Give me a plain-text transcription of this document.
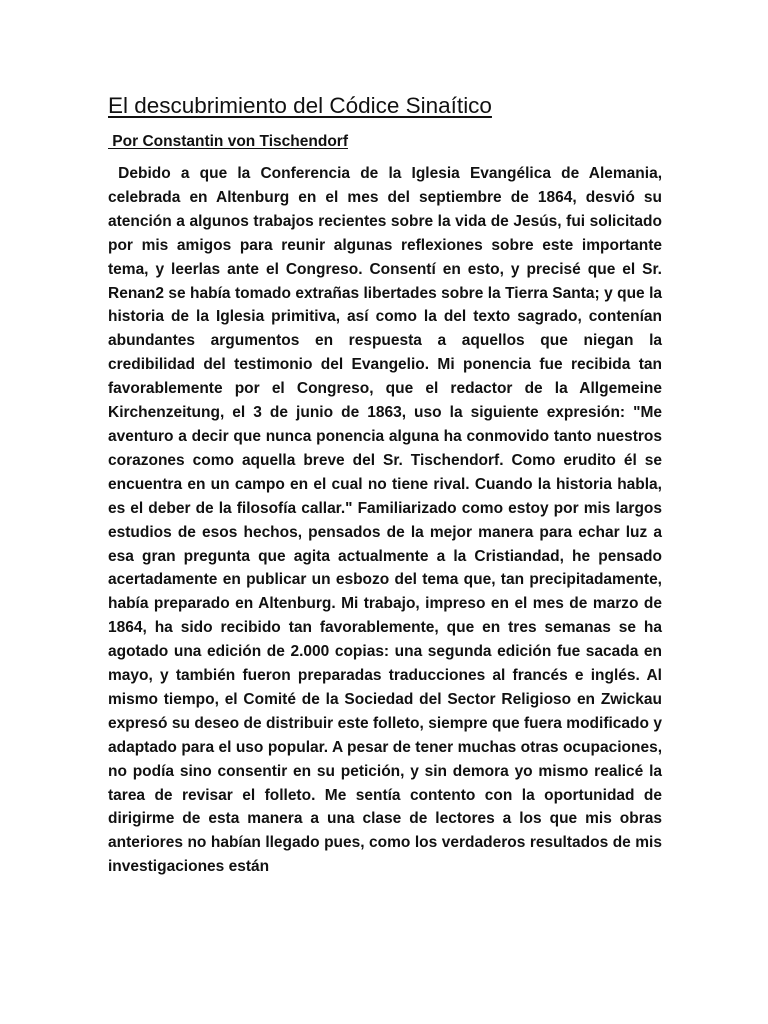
El descubrimiento del Códice Sinaítico

Por Constantin von Tischendorf

Debido a que la Conferencia de la Iglesia Evangélica de Alemania, celebrada en Altenburg en el mes del septiembre de 1864, desvió su atención a algunos trabajos recientes sobre la vida de Jesús, fui solicitado por mis amigos para reunir algunas reflexiones sobre este importante tema, y leerlas ante el Congreso. Consentí en esto, y precisé que el Sr. Renan2 se había tomado extrañas libertades sobre la Tierra Santa; y que la historia de la Iglesia primitiva, así como la del texto sagrado, contenían abundantes argumentos en respuesta a aquellos que niegan la credibilidad del testimonio del Evangelio. Mi ponencia fue recibida tan favorablemente por el Congreso, que el redactor de la Allgemeine Kirchenzeitung, el 3 de junio de 1863, uso la siguiente expresión: "Me aventuro a decir que nunca ponencia alguna ha conmovido tanto nuestros corazones como aquella breve del Sr. Tischendorf. Como erudito él se encuentra en un campo en el cual no tiene rival. Cuando la historia habla, es el deber de la filosofía callar." Familiarizado como estoy por mis largos estudios de esos hechos, pensados de la mejor manera para echar luz a esa gran pregunta que agita actualmente a la Cristiandad, he pensado acertadamente en publicar un esbozo del tema que, tan precipitadamente, había preparado en Altenburg. Mi trabajo, impreso en el mes de marzo de 1864, ha sido recibido tan favorablemente, que en tres semanas se ha agotado una edición de 2.000 copias: una segunda edición fue sacada en mayo, y también fueron preparadas traducciones al francés e inglés. Al mismo tiempo, el Comité de la Sociedad del Sector Religioso en Zwickau expresó su deseo de distribuir este folleto, siempre que fuera modificado y adaptado para el uso popular. A pesar de tener muchas otras ocupaciones, no podía sino consentir en su petición, y sin demora yo mismo realicé la tarea de revisar el folleto. Me sentía contento con la oportunidad de dirigirme de esta manera a una clase de lectores a los que mis obras anteriores no habían llegado pues, como los verdaderos resultados de mis investigaciones están
